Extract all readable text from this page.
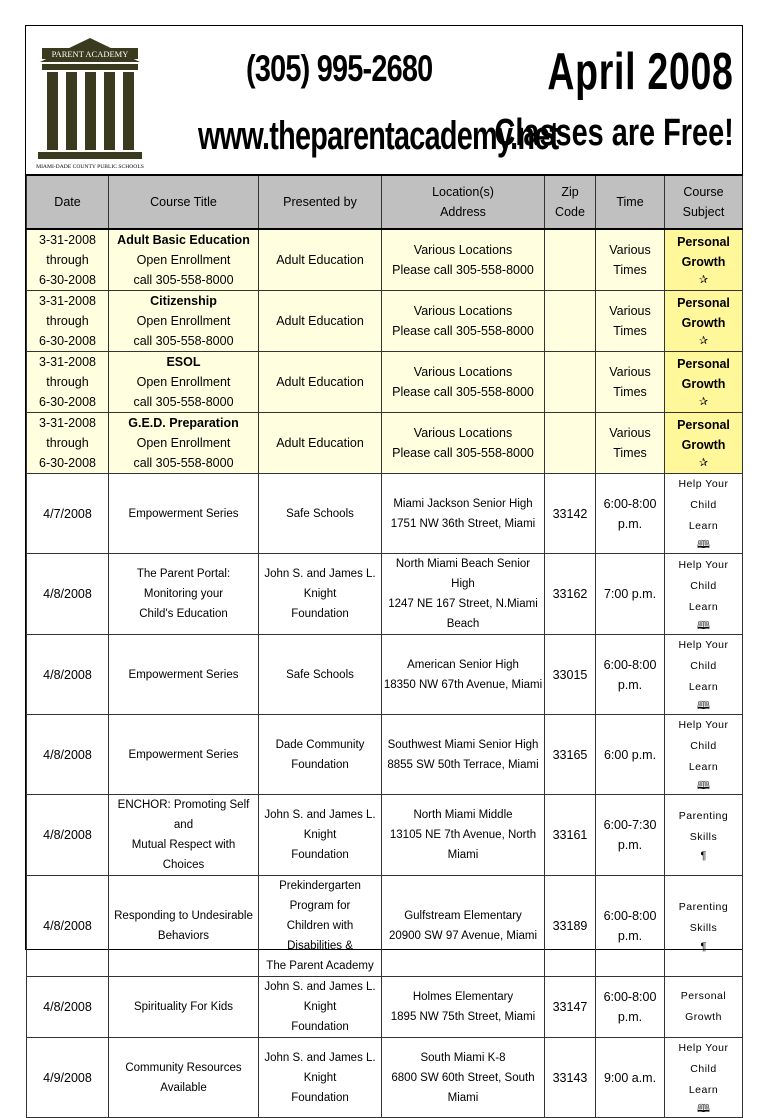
PARENT ACADEMY
MIAMI-DADE COUNTY PUBLIC SCHOOLS
(305) 995-2680
www.theparentacademy.net
April 2008
Classes are Free!
Date	Course Title	Presented by	Location(s)
Address	Zip Code	Time	Course Subject

3-31-2008 through
6-30-2008	Adult Basic Education
Open Enrollment
call 305-558-8000	Adult Education	Various Locations
Please call 305-558-8000		Various Times	Personal Growth
✰

3-31-2008 through
6-30-2008	Citizenship
Open Enrollment
call 305-558-8000	Adult Education	Various Locations
Please call 305-558-8000		Various Times	Personal Growth
✰

3-31-2008 through
6-30-2008	ESOL
Open Enrollment
call 305-558-8000	Adult Education	Various Locations
Please call 305-558-8000		Various Times	Personal Growth
✰

3-31-2008 through
6-30-2008	G.E.D. Preparation
Open Enrollment
call 305-558-8000	Adult Education	Various Locations
Please call 305-558-8000		Various Times	Personal Growth
✰

4/7/2008	Empowerment Series	Safe Schools	Miami Jackson Senior High
1751 NW 36th Street, Miami	33142	6:00-8:00 p.m.	Help Your Child
Learn
🕮

4/8/2008	The Parent Portal: Monitoring your
Child's Education	John S. and James L. Knight
Foundation	North Miami Beach Senior High
1247 NE 167 Street, N.Miami Beach	33162	7:00 p.m.	Help Your Child
Learn
🕮

4/8/2008	Empowerment Series	Safe Schools	American Senior High
18350 NW 67th Avenue, Miami	33015	6:00-8:00 p.m.	Help Your Child
Learn
🕮

4/8/2008	Empowerment Series	Dade Community Foundation	Southwest Miami Senior High
8855 SW 50th Terrace, Miami	33165	6:00 p.m.	Help Your Child
Learn
🕮

4/8/2008	ENCHOR: Promoting Self and
Mutual Respect with Choices	John S. and James L. Knight
Foundation	North Miami Middle
13105 NE 7th Avenue, North Miami	33161	6:00-7:30 p.m.	Parenting Skills
¶

4/8/2008	Responding to Undesirable
Behaviors	Prekindergarten Program for
Children with Disabilities &
The Parent Academy	Gulfstream Elementary
20900 SW 97 Avenue, Miami	33189	6:00-8:00 p.m.	Parenting Skills
¶

4/8/2008	Spirituality For Kids	John S. and James L. Knight
Foundation	Holmes Elementary
1895 NW 75th Street, Miami	33147	6:00-8:00 p.m.	Personal Growth

4/9/2008	Community Resources Available	John S. and James L. Knight
Foundation	South Miami K-8
6800 SW 60th Street, South Miami	33143	9:00 a.m.	Help Your Child
Learn
🕮
